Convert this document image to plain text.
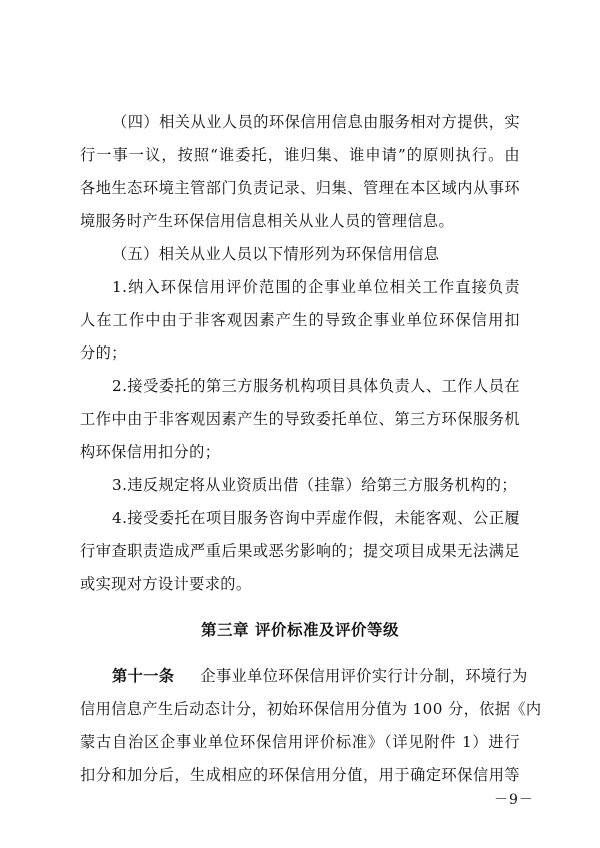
（四）相关从业人员的环保信用信息由服务相对方提供，实
行一事一议，按照“谁委托，谁归集、谁申请”的原则执行。由
各地生态环境主管部门负责记录、归集、管理在本区域内从事环
境服务时产生环保信用信息相关从业人员的管理信息。
（五）相关从业人员以下情形列为环保信用信息
1.纳入环保信用评价范围的企事业单位相关工作直接负责
人在工作中由于非客观因素产生的导致企事业单位环保信用扣
分的；
2.接受委托的第三方服务机构项目具体负责人、工作人员在
工作中由于非客观因素产生的导致委托单位、第三方环保服务机
构环保信用扣分的；
3.违反规定将从业资质出借（挂靠）给第三方服务机构的；
4.接受委托在项目服务咨询中弄虚作假，未能客观、公正履
行审查职责造成严重后果或恶劣影响的；提交项目成果无法满足
或实现对方设计要求的。
第三章 评价标准及评价等级
第十一条 企事业单位环保信用评价实行计分制，环境行为
信用信息产生后动态计分，初始环保信用分值为 100 分，依据《内
蒙古自治区企事业单位环保信用评价标准》（详见附件 1）进行
扣分和加分后，生成相应的环保信用分值，用于确定环保信用等
－9－
